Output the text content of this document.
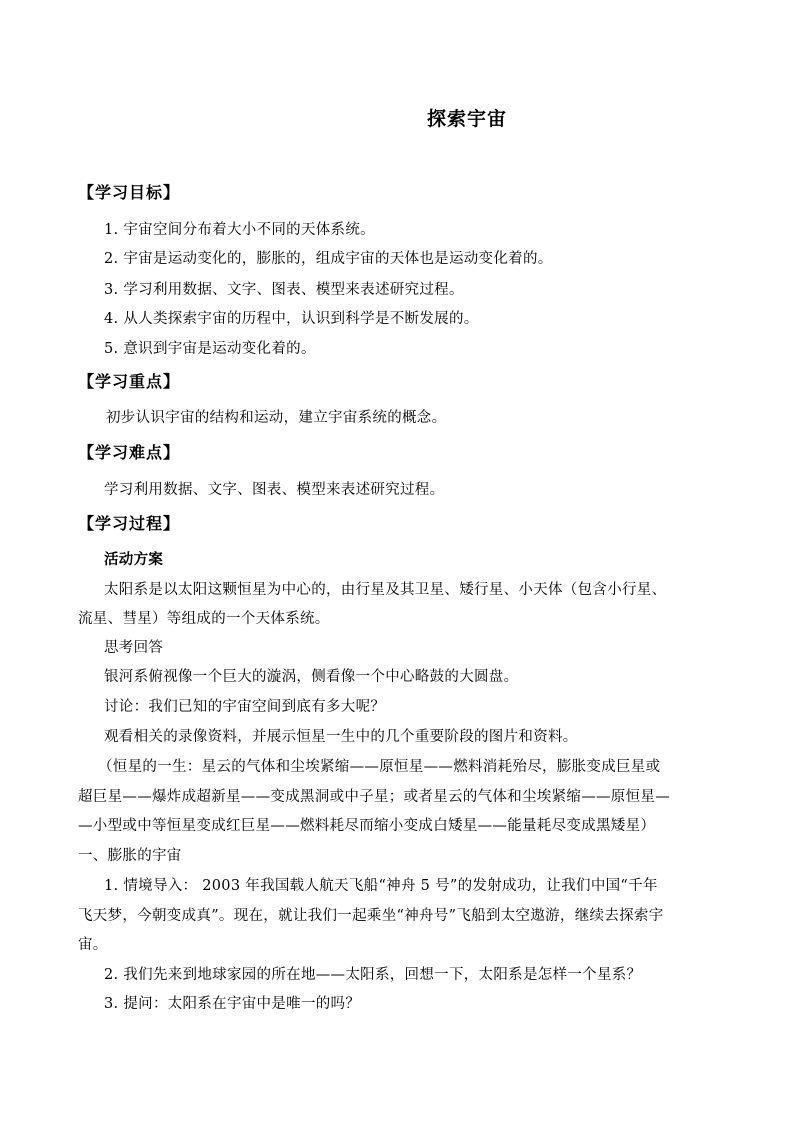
探索宇宙
【学习目标】
1. 宇宙空间分布着大小不同的天体系统。
2. 宇宙是运动变化的，膨胀的，组成宇宙的天体也是运动变化着的。
3. 学习利用数据、文字、图表、模型来表述研究过程。
4. 从人类探索宇宙的历程中，认识到科学是不断发展的。
5. 意识到宇宙是运动变化着的。
【学习重点】
初步认识宇宙的结构和运动，建立宇宙系统的概念。
【学习难点】
学习利用数据、文字、图表、模型来表述研究过程。
【学习过程】
活动方案
太阳系是以太阳这颗恒星为中心的，由行星及其卫星、矮行星、小天体（包含小行星、
流星、彗星）等组成的一个天体系统。
思考回答
银河系俯视像一个巨大的漩涡，侧看像一个中心略鼓的大圆盘。
讨论：我们已知的宇宙空间到底有多大呢？
观看相关的录像资料，并展示恒星一生中的几个重要阶段的图片和资料。
（恒星的一生：星云的气体和尘埃紧缩——原恒星——燃料消耗殆尽，膨胀变成巨星或
超巨星——爆炸成超新星——变成黑洞或中子星；或者星云的气体和尘埃紧缩——原恒星—
—小型或中等恒星变成红巨星——燃料耗尽而缩小变成白矮星——能量耗尽变成黑矮星）
一、膨胀的宇宙
1. 情境导入： 2003 年我国载人航天飞船“神舟 5 号”的发射成功，让我们中国“千年
飞天梦，今朝变成真”。现在，就让我们一起乘坐“神舟号”飞船到太空遨游，继续去探索宇
宙。
2. 我们先来到地球家园的所在地——太阳系，回想一下，太阳系是怎样一个星系？
3. 提问：太阳系在宇宙中是唯一的吗？
